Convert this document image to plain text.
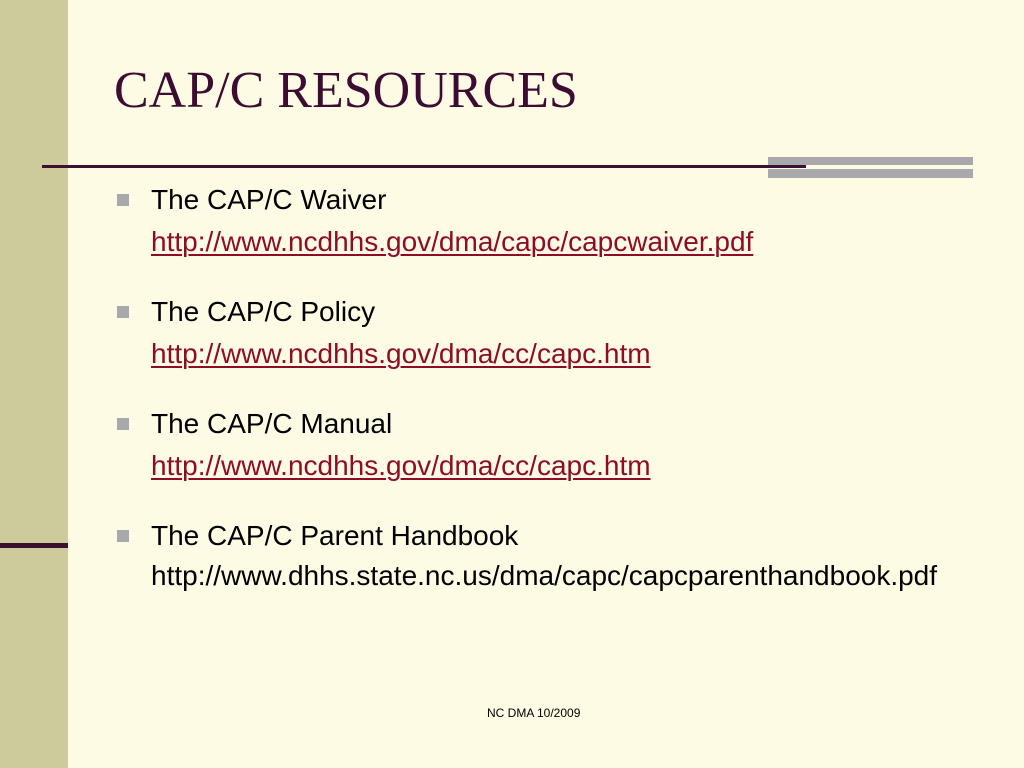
CAP/C RESOURCES
The CAP/C Waiver
http://www.ncdhhs.gov/dma/capc/capcwaiver.pdf
The CAP/C Policy
http://www.ncdhhs.gov/dma/cc/capc.htm
The CAP/C Manual
http://www.ncdhhs.gov/dma/cc/capc.htm
The CAP/C Parent Handbook
http://www.dhhs.state.nc.us/dma/capc/capcparenthandbook.pdf
NC DMA 10/2009
